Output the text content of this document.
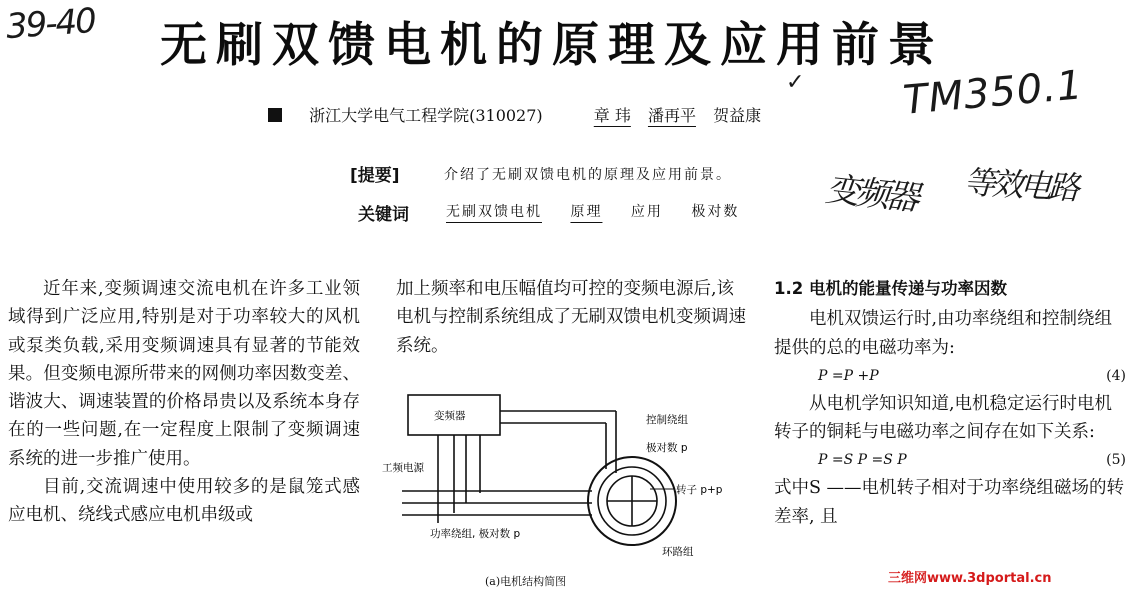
39-40 无刷双馈电机的原理及应用前景
浙江大学电气工程学院(310027)	章 玮 潘再平 贺益康
✓ TM350.1
[提要]	介绍了无刷双馈电机的原理及应用前景。
关键词	无刷双馈电机 原理 应用 极对数	变频器 等效电路

近年来,变频调速交流电机在许多工业领域得到广泛应用,特别是对于功率较大的风机或泵类负载,采用变频调速具有显著的节能效果。但变频电源所带来的网侧功率因数变差、谐波大、调速装置的价格昂贵以及系统本身存在的一些问题,在一定程度上限制了变频调速系统的进一步推广使用。

目前,交流调速中使用较多的是鼠笼式感应电机、绕线式感应电机串级或

加上频率和电压幅值均可控的变频电源后,该电机与控制系统组成了无刷双馈电机变频调速系统。

变频器
工频电源
控制绕组
极对数 p
转子 p+p
功率绕组, 极对数 p
环路组
(a)电机结构简图

1.2 电机的能量传递与功率因数

电机双馈运行时,由功率绕组和控制绕组提供的总的电磁功率为:

P =P +P	(4)

从电机学知识知道,电机稳定运行时电机转子的铜耗与电磁功率之间存在如下关系:

P =S P =S P	(5)

式中S ——电机转子相对于功率绕组磁场的转差率, 且

三维网www.3dportal.cn
